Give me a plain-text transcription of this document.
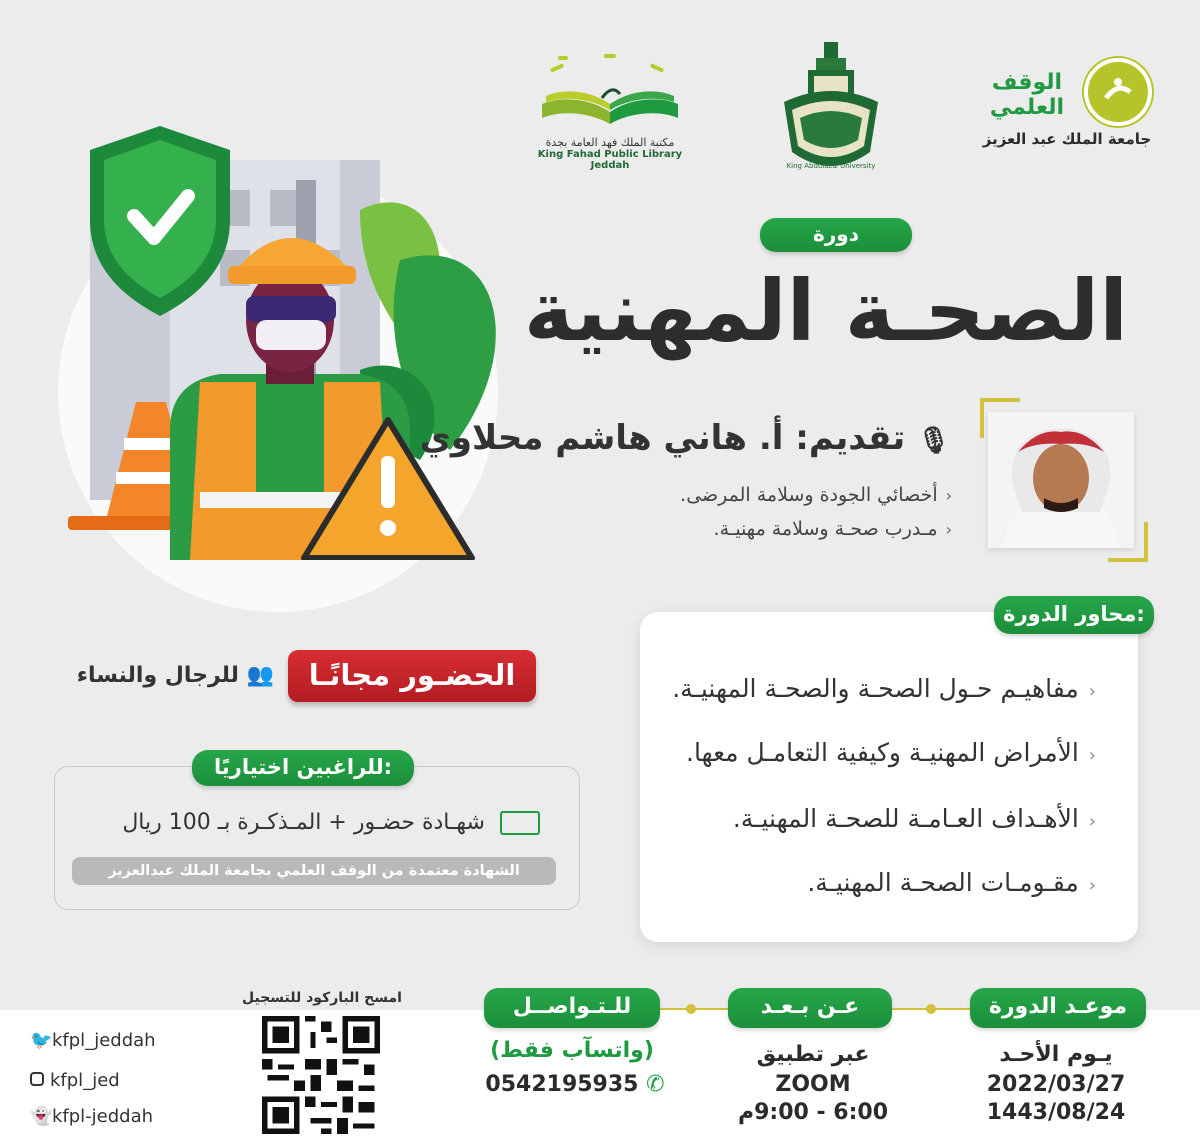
مكتبة الملك فهد العامة بجدة
King Fahad Public Library Jeddah	King Abdulaziz University
الوقف العلمي
جامعة الملك عبد العزيز
دورة
الصحـة المهنية
🎙 تقديم: أ. هاني هاشم محلاوي
‹أخصائي الجودة وسلامة المرضى.
‹مـدرب صحـة وسلامة مهنيـة.
محاور الدورة:
‹مفاهيـم حـول الصحـة والصحـة المهنيـة.
‹الأمراض المهنيـة وكيفية التعامـل معها.
‹الأهـداف العـامـة للصحـة المهنيـة.
‹مقـومـات الصحـة المهنيـة.
الحضـور مجانًـا
👥 للرجال والنساء
للراغبين اختياريًا:
شهـادة حضـور + المـذكـرة بـ 100 ريال
الشهادة معتمدة من الوقف العلمي بجامعة الملك عبدالعزيز
موعـد الدورة
يـوم الأحـد
2022/03/27
1443/08/24
عـن بـعـد
عبر تطبيق
ZOOM
6:00 - 9:00م
للـتـواصــل
(واتسآب فقط)
0542195935 ✆
امسح الباركود للتسجيل
🐦kfpl_jeddah
kfpl_jed
👻kfpl-jeddah
